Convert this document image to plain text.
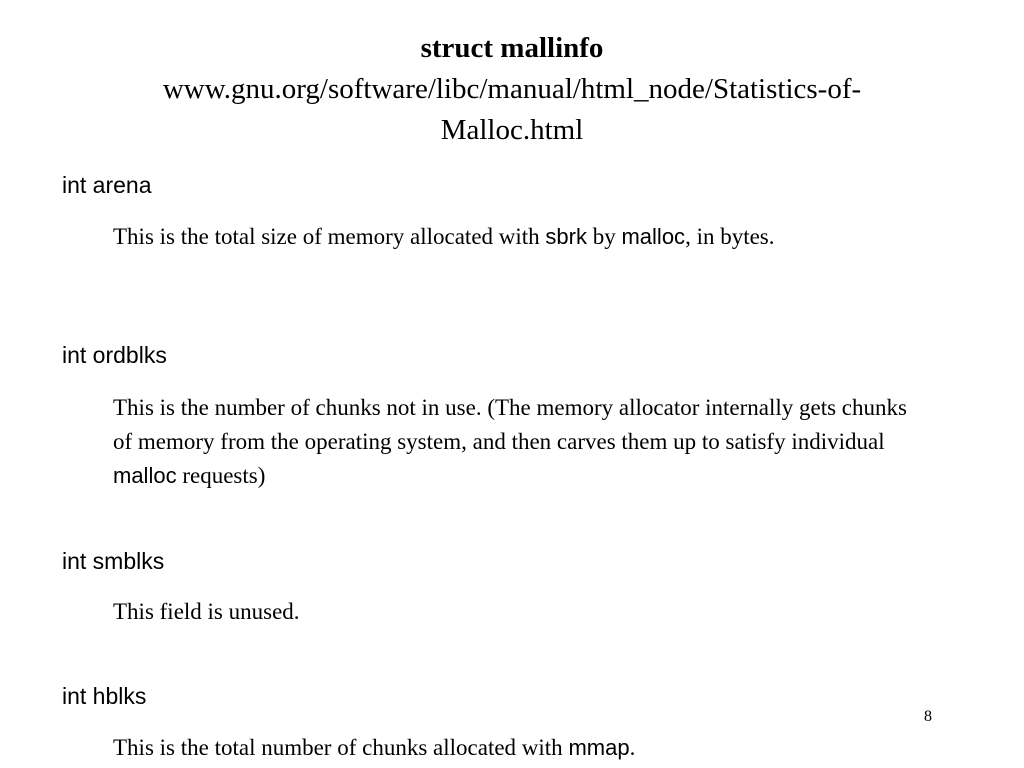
struct mallinfo
www.gnu.org/software/libc/manual/html_node/Statistics-of-
Malloc.html
int arena
This is the total size of memory allocated with sbrk by malloc, in bytes.
int ordblks
This is the number of chunks not in use. (The memory allocator internally gets chunks of memory from the operating system, and then carves them up to satisfy individual malloc requests)
int smblks
This field is unused.
int hblks
This is the total number of chunks allocated with mmap.
8
